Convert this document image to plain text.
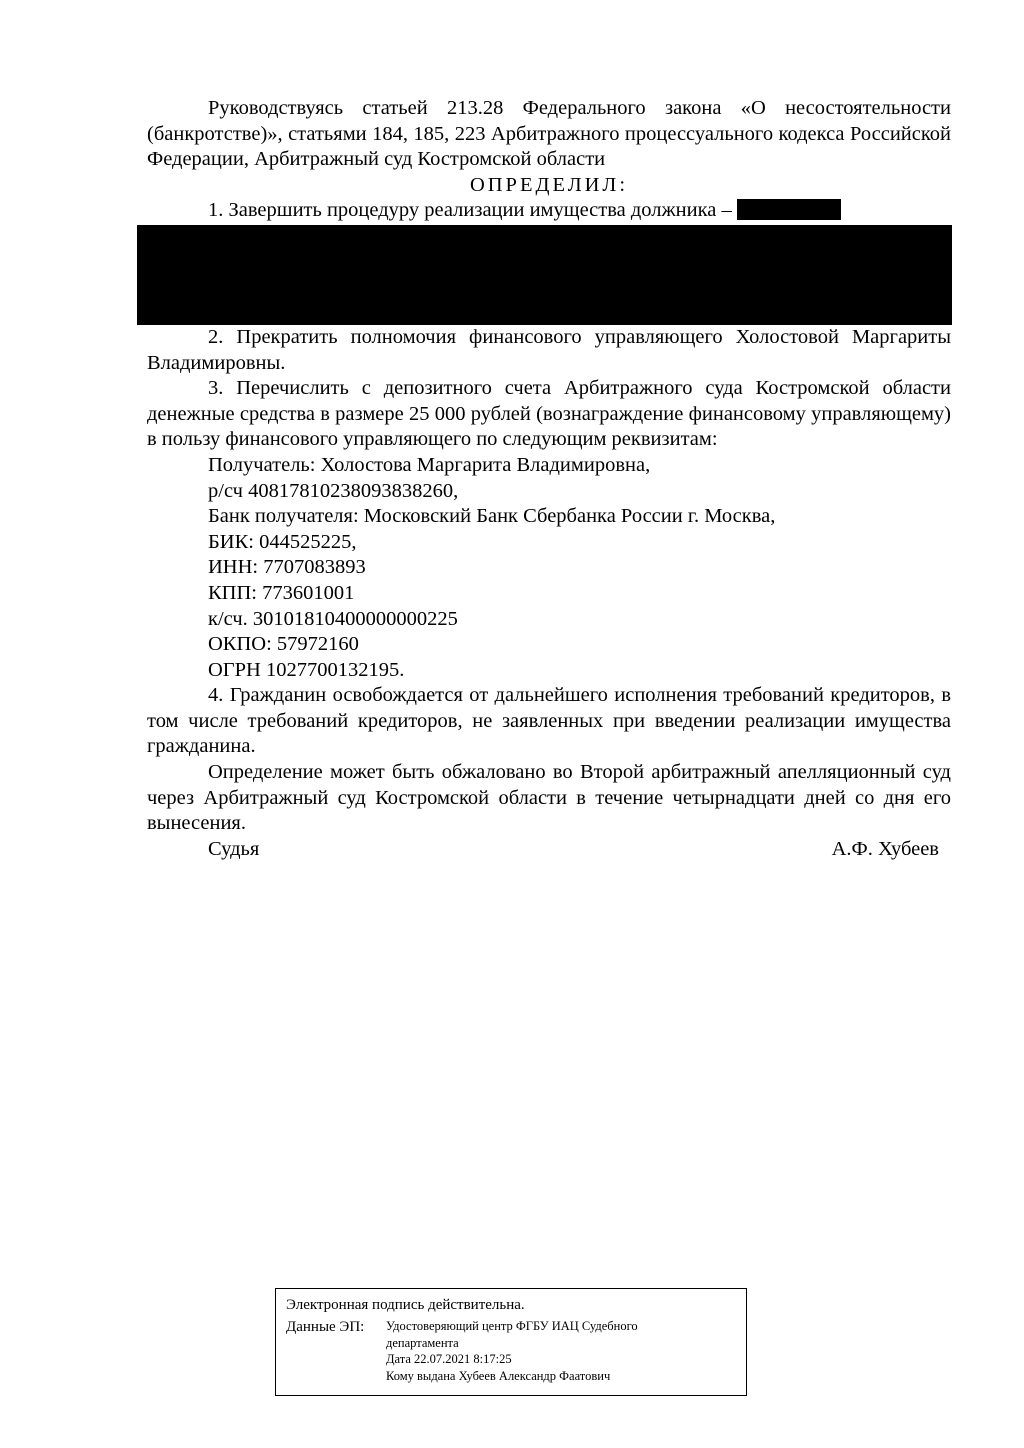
Руководствуясь статьей 213.28 Федерального закона «О несостоятельности (банкротстве)», статьями 184, 185, 223 Арбитражного процессуального кодекса Российской Федерации, Арбитражный суд Костромской области

ОПРЕДЕЛИЛ:

1. Завершить процедуру реализации имущества должника –

2. Прекратить полномочия финансового управляющего Холостовой Маргариты Владимировны.

3. Перечислить с депозитного счета Арбитражного суда Костромской области денежные средства в размере 25 000 рублей (вознаграждение финансовому управляющему) в пользу финансового управляющего по следующим реквизитам:

Получатель: Холостова Маргарита Владимировна,

р/сч 40817810238093838260,

Банк получателя: Московский Банк Сбербанка России г. Москва,

БИК: 044525225,

ИНН: 7707083893

КПП: 773601001

к/сч. 30101810400000000225

ОКПО: 57972160

ОГРН 1027700132195.

4. Гражданин освобождается от дальнейшего исполнения требований кредиторов, в том числе требований кредиторов, не заявленных при введении реализации имущества гражданина.

Определение может быть обжаловано во Второй арбитражный апелляционный суд через Арбитражный суд Костромской области в течение четырнадцати дней со дня его вынесения.

Судья	А.Ф. Хубеев

Электронная подпись действительна.

Данные ЭП:	Удостоверяющий центр ФГБУ ИАЦ Судебного
департамента
Дата 22.07.2021 8:17:25
Кому выдана Хубеев Александр Фаатович
